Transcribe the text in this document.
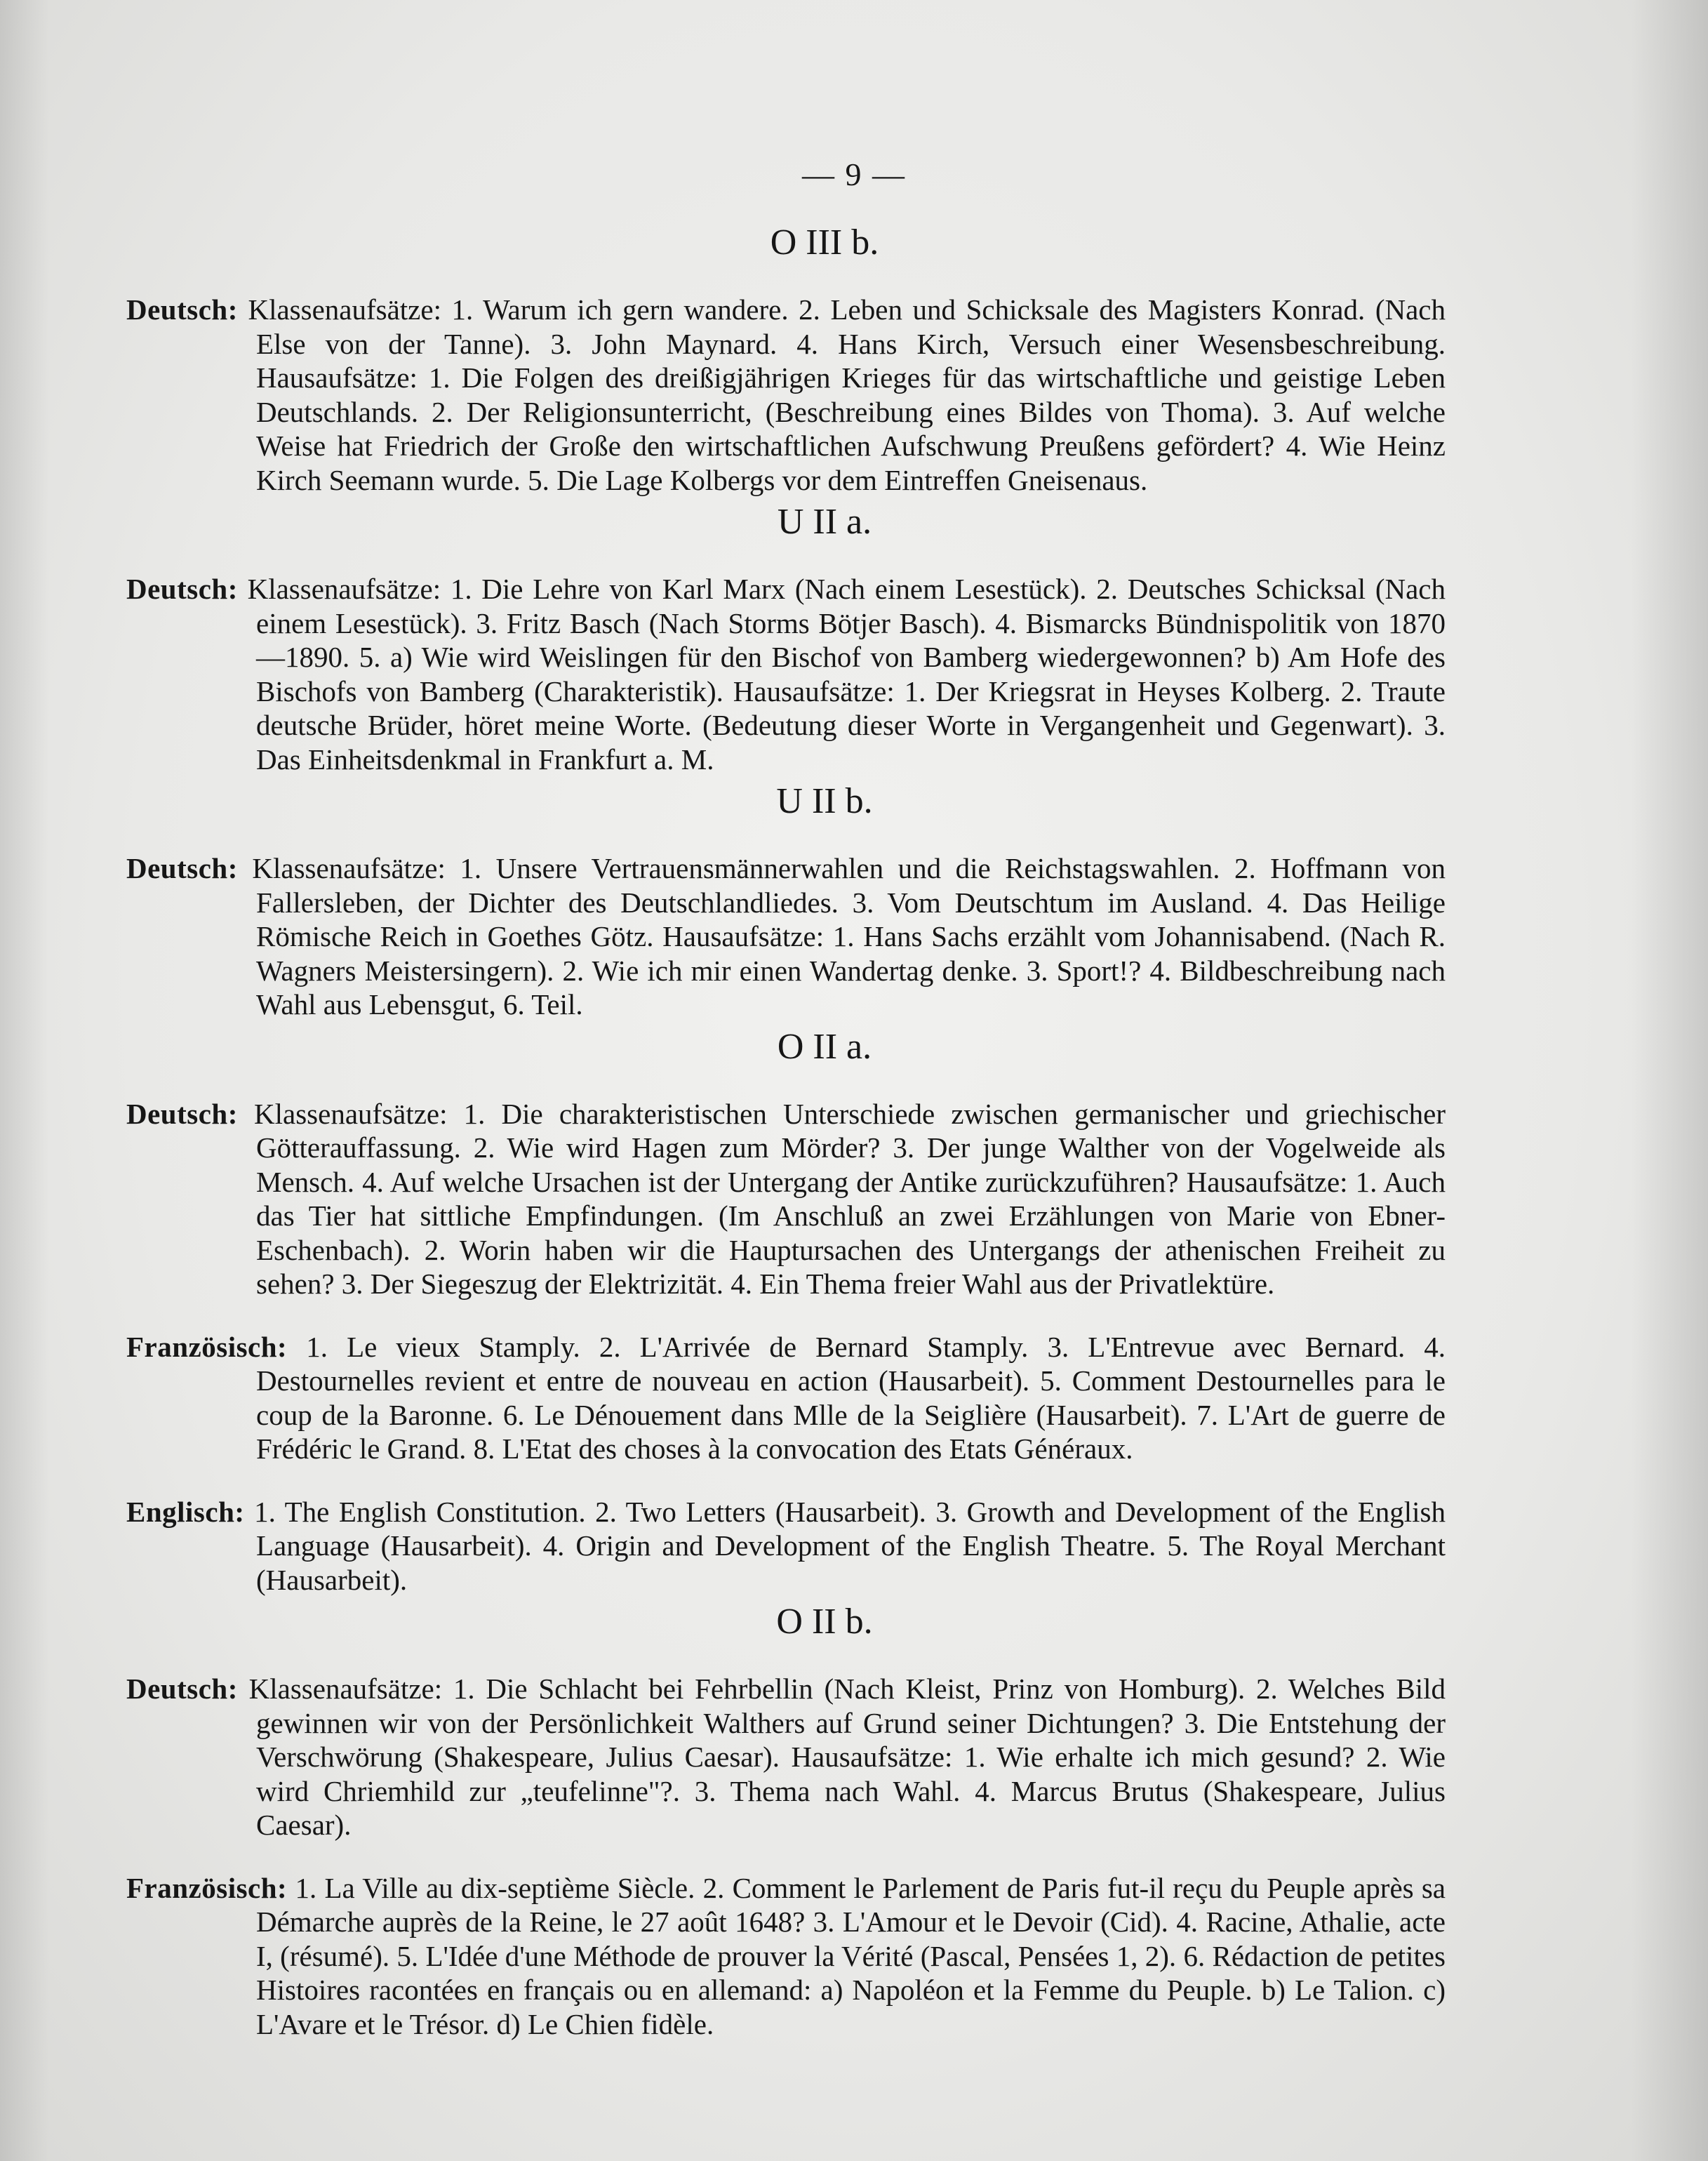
— 9 —
O III b.

Deutsch: Klassenaufsätze: 1. Warum ich gern wandere. 2. Leben und Schicksale des Magisters Konrad. (Nach Else von der Tanne). 3. John Maynard. 4. Hans Kirch, Versuch einer Wesensbeschreibung. Hausaufsätze: 1. Die Folgen des dreißigjährigen Krieges für das wirtschaftliche und geistige Leben Deutschlands. 2. Der Religionsunterricht, (Beschreibung eines Bildes von Thoma). 3. Auf welche Weise hat Friedrich der Große den wirtschaftlichen Aufschwung Preußens gefördert? 4. Wie Heinz Kirch Seemann wurde. 5. Die Lage Kolbergs vor dem Eintreffen Gneisenaus.

U II a.

Deutsch: Klassenaufsätze: 1. Die Lehre von Karl Marx (Nach einem Lesestück). 2. Deutsches Schicksal (Nach einem Lesestück). 3. Fritz Basch (Nach Storms Bötjer Basch). 4. Bismarcks Bündnispolitik von 1870—1890. 5. a) Wie wird Weislingen für den Bischof von Bamberg wiedergewonnen? b) Am Hofe des Bischofs von Bamberg (Charakteristik). Hausaufsätze: 1. Der Kriegsrat in Heyses Kolberg. 2. Traute deutsche Brüder, höret meine Worte. (Bedeutung dieser Worte in Vergangenheit und Gegenwart). 3. Das Einheitsdenkmal in Frankfurt a. M.

U II b.

Deutsch: Klassenaufsätze: 1. Unsere Vertrauensmännerwahlen und die Reichstagswahlen. 2. Hoffmann von Fallersleben, der Dichter des Deutschlandliedes. 3. Vom Deutschtum im Ausland. 4. Das Heilige Römische Reich in Goethes Götz. Hausaufsätze: 1. Hans Sachs erzählt vom Johannisabend. (Nach R. Wagners Meistersingern). 2. Wie ich mir einen Wandertag denke. 3. Sport!? 4. Bildbeschreibung nach Wahl aus Lebensgut, 6. Teil.

O II a.

Deutsch: Klassenaufsätze: 1. Die charakteristischen Unterschiede zwischen germanischer und griechischer Götterauffassung. 2. Wie wird Hagen zum Mörder? 3. Der junge Walther von der Vogelweide als Mensch. 4. Auf welche Ursachen ist der Untergang der Antike zurückzuführen? Hausaufsätze: 1. Auch das Tier hat sittliche Empfindungen. (Im Anschluß an zwei Erzählungen von Marie von Ebner-Eschenbach). 2. Worin haben wir die Hauptursachen des Untergangs der athenischen Freiheit zu sehen? 3. Der Siegeszug der Elektrizität. 4. Ein Thema freier Wahl aus der Privatlektüre.

Französisch: 1. Le vieux Stamply. 2. L'Arrivée de Bernard Stamply. 3. L'Entrevue avec Bernard. 4. Destournelles revient et entre de nouveau en action (Hausarbeit). 5. Comment Destournelles para le coup de la Baronne. 6. Le Dénouement dans Mlle de la Seiglière (Hausarbeit). 7. L'Art de guerre de Frédéric le Grand. 8. L'Etat des choses à la convocation des Etats Généraux.

Englisch: 1. The English Constitution. 2. Two Letters (Hausarbeit). 3. Growth and Development of the English Language (Hausarbeit). 4. Origin and Development of the English Theatre. 5. The Royal Merchant (Hausarbeit).

O II b.

Deutsch: Klassenaufsätze: 1. Die Schlacht bei Fehrbellin (Nach Kleist, Prinz von Homburg). 2. Welches Bild gewinnen wir von der Persönlichkeit Walthers auf Grund seiner Dichtungen? 3. Die Entstehung der Verschwörung (Shakespeare, Julius Caesar). Hausaufsätze: 1. Wie erhalte ich mich gesund? 2. Wie wird Chriemhild zur „teufelinne"?. 3. Thema nach Wahl. 4. Marcus Brutus (Shakespeare, Julius Caesar).

Französisch: 1. La Ville au dix-septième Siècle. 2. Comment le Parlement de Paris fut-il reçu du Peuple après sa Démarche auprès de la Reine, le 27 août 1648? 3. L'Amour et le Devoir (Cid). 4. Racine, Athalie, acte I, (résumé). 5. L'Idée d'une Méthode de prouver la Vérité (Pascal, Pensées 1, 2). 6. Rédaction de petites Histoires racontées en français ou en allemand: a) Napoléon et la Femme du Peuple. b) Le Talion. c) L'Avare et le Trésor. d) Le Chien fidèle.
